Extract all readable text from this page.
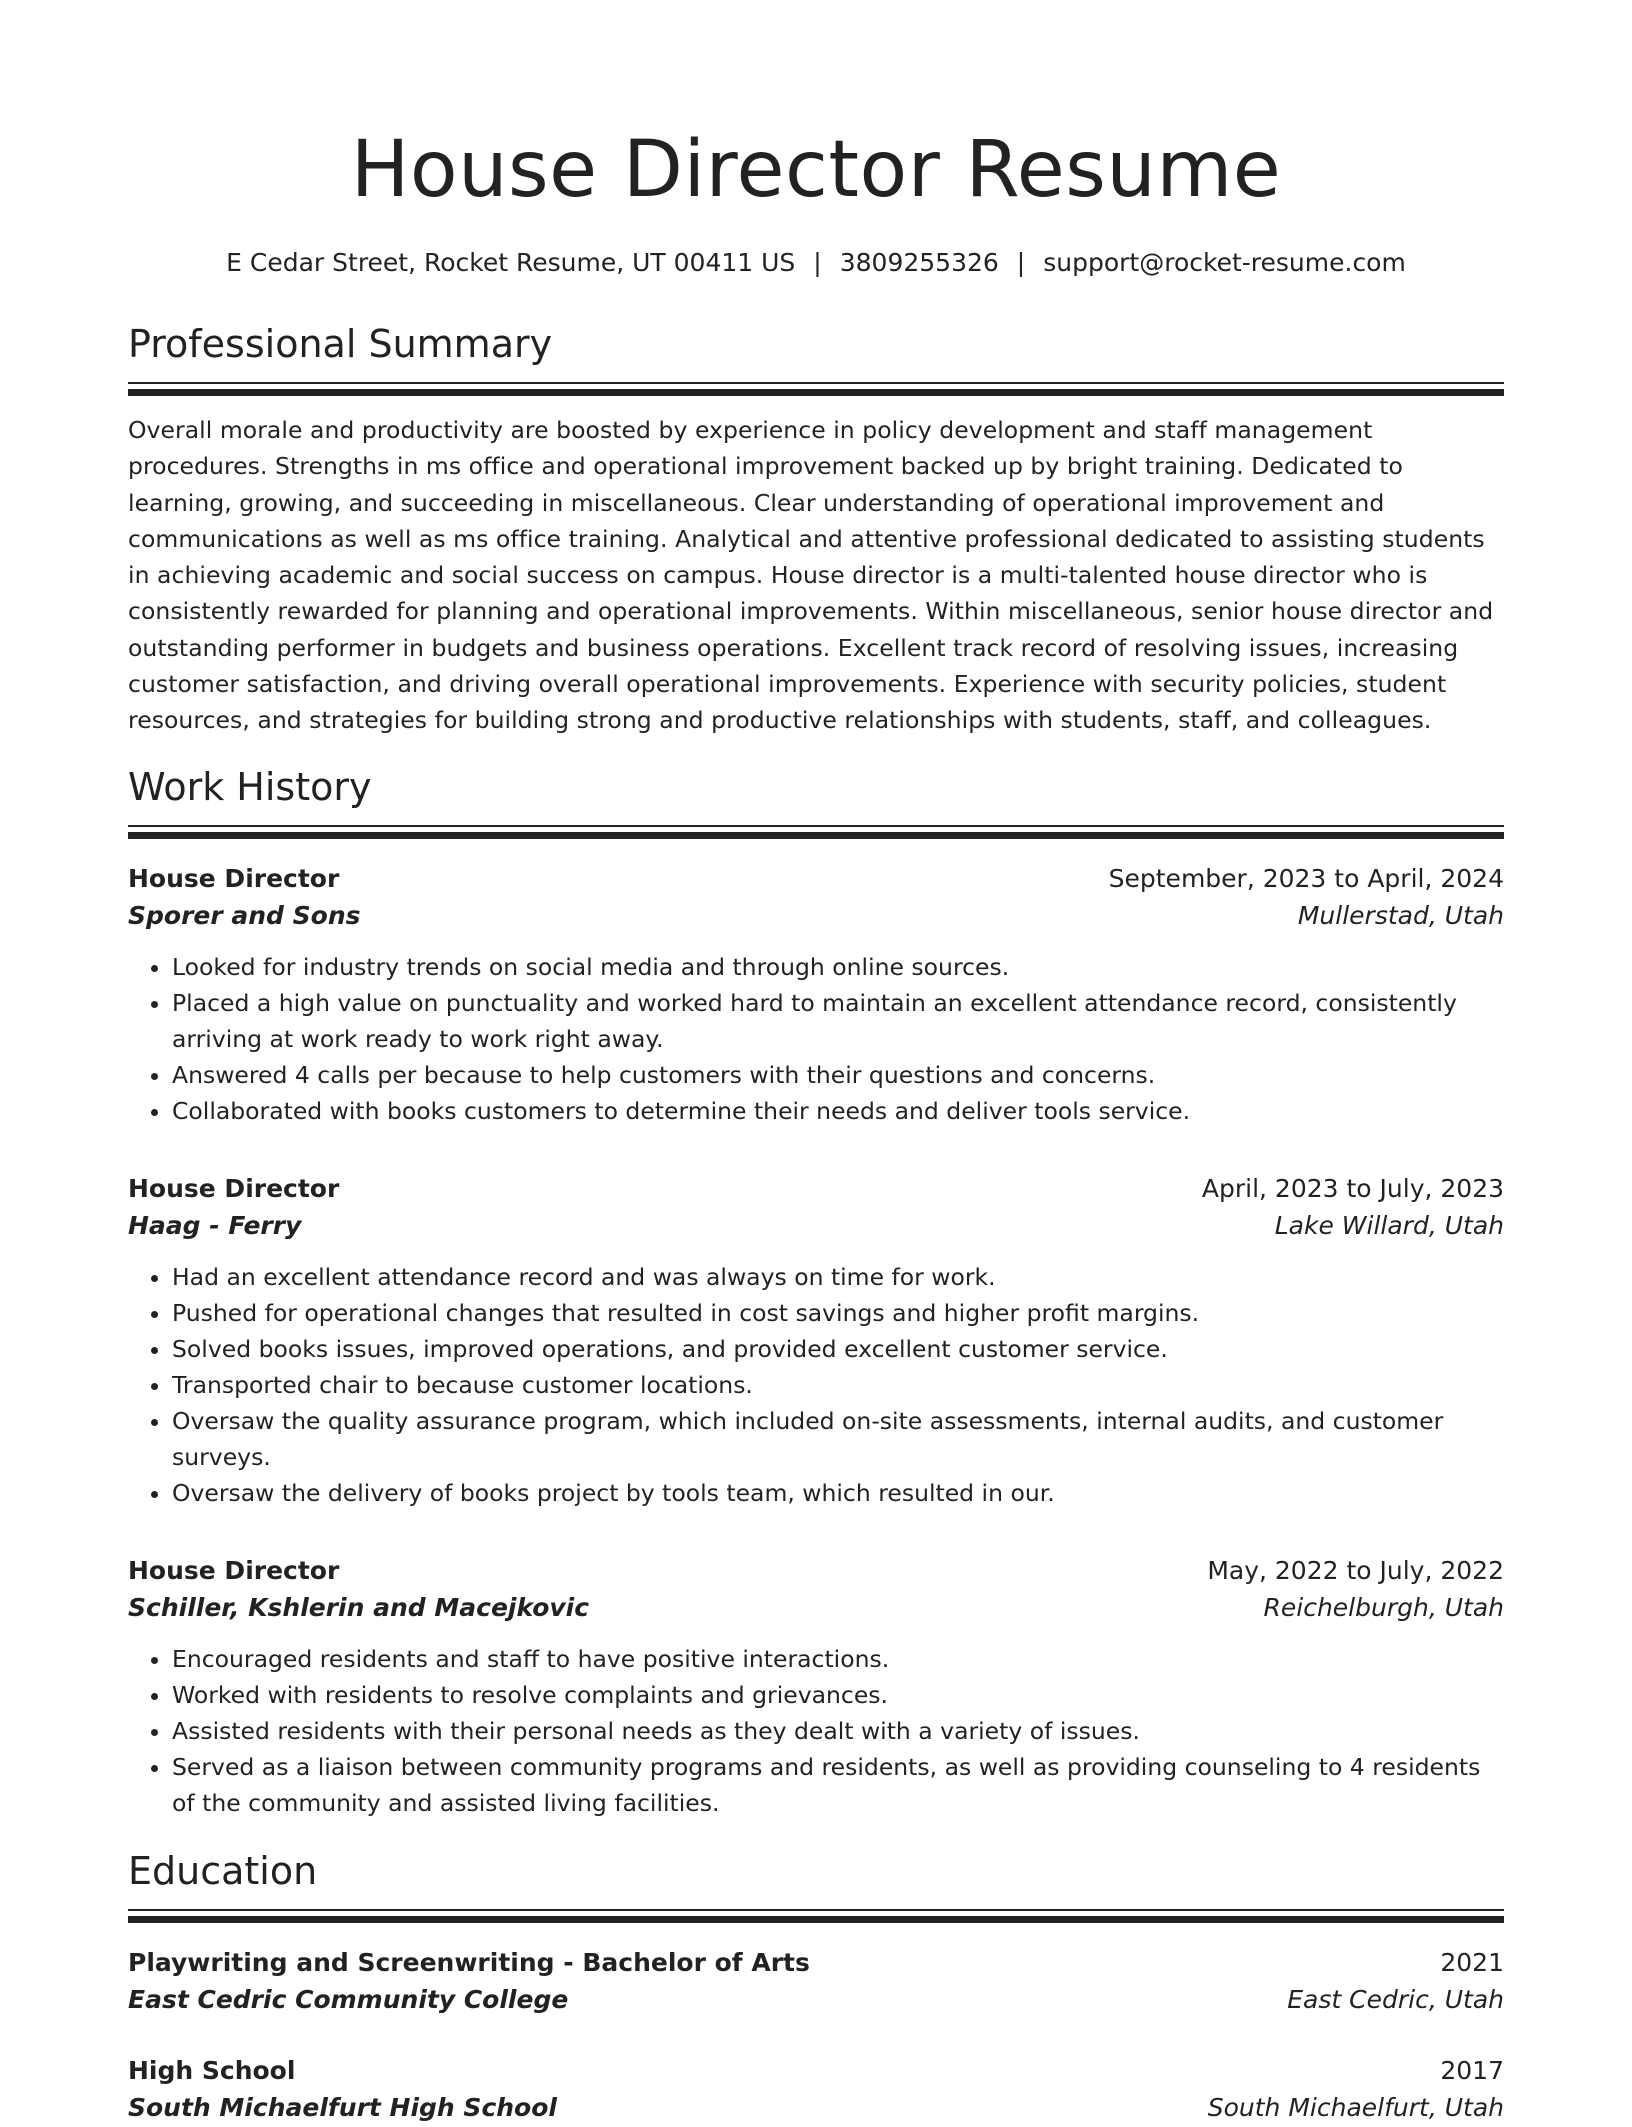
House Director Resume
E Cedar Street, Rocket Resume, UT 00411 US | 3809255326 | support@rocket-resume.com
Professional Summary
Overall morale and productivity are boosted by experience in policy development and staff management procedures. Strengths in ms office and operational improvement backed up by bright training. Dedicated to learning, growing, and succeeding in miscellaneous. Clear understanding of operational improvement and communications as well as ms office training. Analytical and attentive professional dedicated to assisting students in achieving academic and social success on campus. House director is a multi-talented house director who is consistently rewarded for planning and operational improvements. Within miscellaneous, senior house director and outstanding performer in budgets and business operations. Excellent track record of resolving issues, increasing customer satisfaction, and driving overall operational improvements. Experience with security policies, student resources, and strategies for building strong and productive relationships with students, staff, and colleagues.
Work History
House Director	September, 2023 to April, 2024
Sporer and Sons	Mullerstad, Utah
• Looked for industry trends on social media and through online sources.
• Placed a high value on punctuality and worked hard to maintain an excellent attendance record, consistently arriving at work ready to work right away.
• Answered 4 calls per because to help customers with their questions and concerns.
• Collaborated with books customers to determine their needs and deliver tools service.
House Director	April, 2023 to July, 2023
Haag - Ferry	Lake Willard, Utah
• Had an excellent attendance record and was always on time for work.
• Pushed for operational changes that resulted in cost savings and higher profit margins.
• Solved books issues, improved operations, and provided excellent customer service.
• Transported chair to because customer locations.
• Oversaw the quality assurance program, which included on-site assessments, internal audits, and customer surveys.
• Oversaw the delivery of books project by tools team, which resulted in our.
House Director	May, 2022 to July, 2022
Schiller, Kshlerin and Macejkovic	Reichelburgh, Utah
• Encouraged residents and staff to have positive interactions.
• Worked with residents to resolve complaints and grievances.
• Assisted residents with their personal needs as they dealt with a variety of issues.
• Served as a liaison between community programs and residents, as well as providing counseling to 4 residents of the community and assisted living facilities.
Education
Playwriting and Screenwriting - Bachelor of Arts	2021
East Cedric Community College	East Cedric, Utah
High School	2017
South Michaelfurt High School	South Michaelfurt, Utah
